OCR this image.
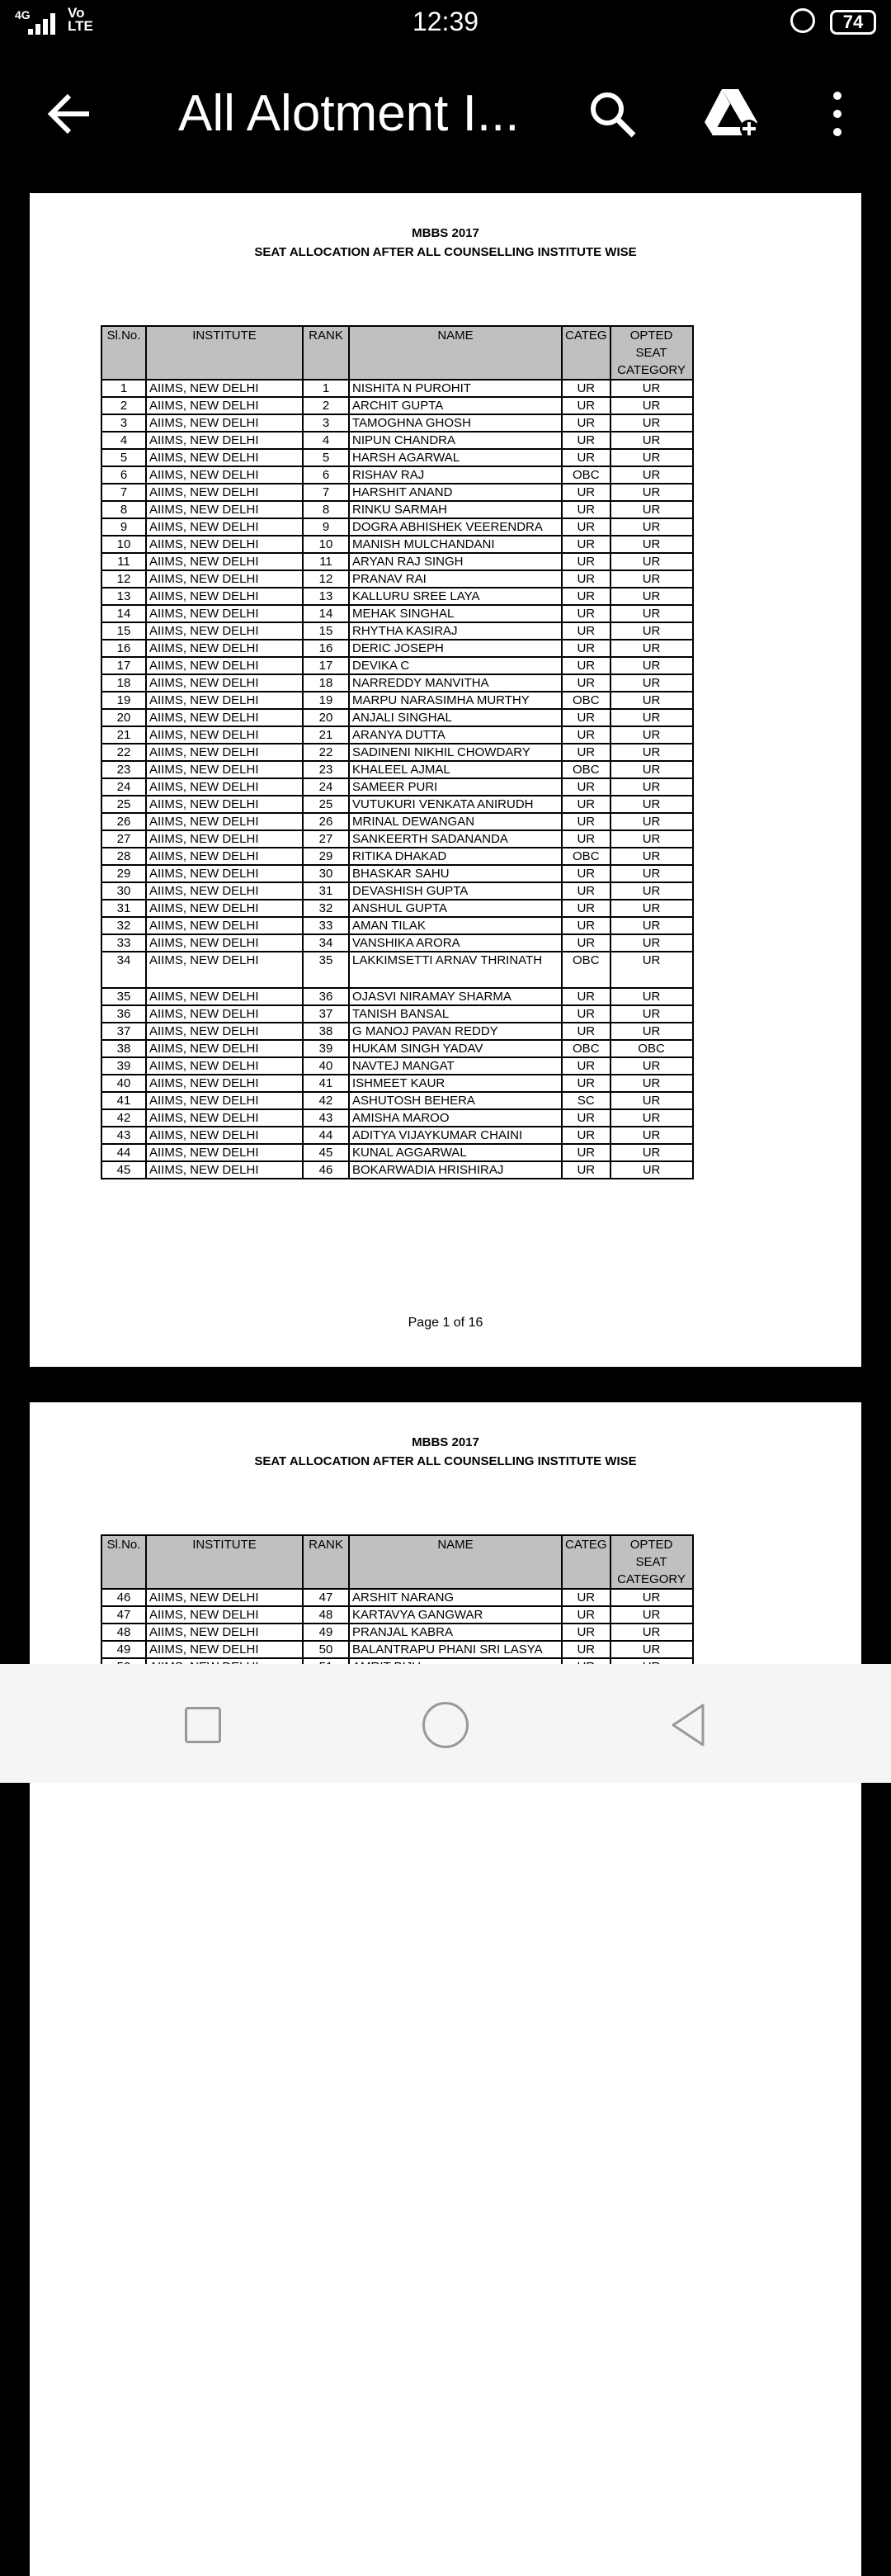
4G	Vo
LTE	12:39	74
All Alotment I...
MBBS 2017
SEAT ALLOCATION AFTER ALL COUNSELLING INSTITUTE WISE
Sl.No.	INSTITUTE	RANK	NAME	CATEG	OPTED SEAT CATEGORY
1	AIIMS, NEW DELHI	1	NISHITA N PUROHIT	UR	UR
2	AIIMS, NEW DELHI	2	ARCHIT GUPTA	UR	UR
3	AIIMS, NEW DELHI	3	TAMOGHNA GHOSH	UR	UR
4	AIIMS, NEW DELHI	4	NIPUN CHANDRA	UR	UR
5	AIIMS, NEW DELHI	5	HARSH AGARWAL	UR	UR
6	AIIMS, NEW DELHI	6	RISHAV RAJ	OBC	UR
7	AIIMS, NEW DELHI	7	HARSHIT ANAND	UR	UR
8	AIIMS, NEW DELHI	8	RINKU SARMAH	UR	UR
9	AIIMS, NEW DELHI	9	DOGRA ABHISHEK VEERENDRA	UR	UR
10	AIIMS, NEW DELHI	10	MANISH MULCHANDANI	UR	UR
11	AIIMS, NEW DELHI	11	ARYAN RAJ SINGH	UR	UR
12	AIIMS, NEW DELHI	12	PRANAV RAI	UR	UR
13	AIIMS, NEW DELHI	13	KALLURU SREE LAYA	UR	UR
14	AIIMS, NEW DELHI	14	MEHAK SINGHAL	UR	UR
15	AIIMS, NEW DELHI	15	RHYTHA KASIRAJ	UR	UR
16	AIIMS, NEW DELHI	16	DERIC JOSEPH	UR	UR
17	AIIMS, NEW DELHI	17	DEVIKA C	UR	UR
18	AIIMS, NEW DELHI	18	NARREDDY MANVITHA	UR	UR
19	AIIMS, NEW DELHI	19	MARPU NARASIMHA MURTHY	OBC	UR
20	AIIMS, NEW DELHI	20	ANJALI SINGHAL	UR	UR
21	AIIMS, NEW DELHI	21	ARANYA DUTTA	UR	UR
22	AIIMS, NEW DELHI	22	SADINENI NIKHIL CHOWDARY	UR	UR
23	AIIMS, NEW DELHI	23	KHALEEL AJMAL	OBC	UR
24	AIIMS, NEW DELHI	24	SAMEER PURI	UR	UR
25	AIIMS, NEW DELHI	25	VUTUKURI VENKATA ANIRUDH	UR	UR
26	AIIMS, NEW DELHI	26	MRINAL DEWANGAN	UR	UR
27	AIIMS, NEW DELHI	27	SANKEERTH SADANANDA	UR	UR
28	AIIMS, NEW DELHI	29	RITIKA DHAKAD	OBC	UR
29	AIIMS, NEW DELHI	30	BHASKAR SAHU	UR	UR
30	AIIMS, NEW DELHI	31	DEVASHISH GUPTA	UR	UR
31	AIIMS, NEW DELHI	32	ANSHUL GUPTA	UR	UR
32	AIIMS, NEW DELHI	33	AMAN TILAK	UR	UR
33	AIIMS, NEW DELHI	34	VANSHIKA ARORA	UR	UR
34	AIIMS, NEW DELHI	35	LAKKIMSETTI ARNAV THRINATH	OBC	UR
35	AIIMS, NEW DELHI	36	OJASVI NIRAMAY SHARMA	UR	UR
36	AIIMS, NEW DELHI	37	TANISH BANSAL	UR	UR
37	AIIMS, NEW DELHI	38	G MANOJ PAVAN REDDY	UR	UR
38	AIIMS, NEW DELHI	39	HUKAM SINGH YADAV	OBC	OBC
39	AIIMS, NEW DELHI	40	NAVTEJ MANGAT	UR	UR
40	AIIMS, NEW DELHI	41	ISHMEET KAUR	UR	UR
41	AIIMS, NEW DELHI	42	ASHUTOSH BEHERA	SC	UR
42	AIIMS, NEW DELHI	43	AMISHA MAROO	UR	UR
43	AIIMS, NEW DELHI	44	ADITYA VIJAYKUMAR CHAINI	UR	UR
44	AIIMS, NEW DELHI	45	KUNAL AGGARWAL	UR	UR
45	AIIMS, NEW DELHI	46	BOKARWADIA HRISHIRAJ	UR	UR
Page 1 of 16
MBBS 2017
SEAT ALLOCATION AFTER ALL COUNSELLING INSTITUTE WISE
Sl.No.	INSTITUTE	RANK	NAME	CATEG	OPTED SEAT CATEGORY
46	AIIMS, NEW DELHI	47	ARSHIT NARANG	UR	UR
47	AIIMS, NEW DELHI	48	KARTAVYA GANGWAR	UR	UR
48	AIIMS, NEW DELHI	49	PRANJAL KABRA	UR	UR
49	AIIMS, NEW DELHI	50	BALANTRAPU PHANI SRI LASYA	UR	UR
